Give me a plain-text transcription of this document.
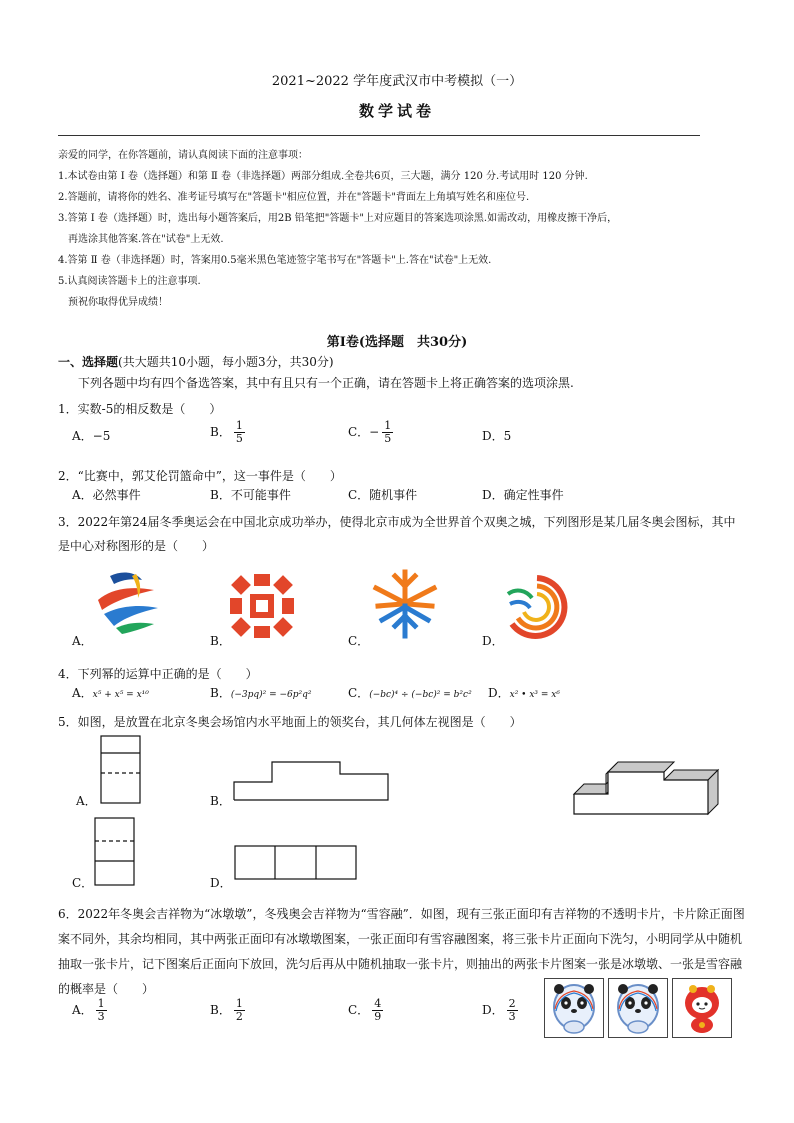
2021~2022 学年度武汉市中考模拟（一）
数学试卷
亲爱的同学，在你答题前，请认真阅读下面的注意事项：
1.本试卷由第 Ⅰ 卷（选择题）和第 Ⅱ 卷（非选择题）两部分组成.全卷共6页，三大题，满分 120 分.考试用时 120 分钟.
2.答题前，请将你的姓名、准考证号填写在"答题卡"相应位置，并在"答题卡"背面左上角填写姓名和座位号.
3.答第 Ⅰ 卷（选择题）时，选出每小题答案后，用2B 铅笔把"答题卡"上对应题目的答案选项涂黑.如需改动，用橡皮擦干净后，
再选涂其他答案.答在"试卷"上无效.
4.答第 Ⅱ 卷（非选择题）时，答案用0.5毫米黑色笔迹签字笔书写在"答题卡"上.答在"试卷"上无效.
5.认真阅读答题卡上的注意事项.
预祝你取得优异成绩！
第Ⅰ卷(选择题　共30分)
一、选择题(共大题共10小题，每小题3分，共30分)
下列各题中均有四个备选答案，其中有且只有一个正确，请在答题卡上将正确答案的选项涂黑.
1．实数-5的相反数是（　　）
A．−5	B． $\frac{1}{5}$	C．− $\frac{1}{5}$	D．5
2．“比赛中，郭艾伦罚篮命中”，这一事件是（　　）
A．必然事件	B．不可能事件	C．随机事件	D．确定性事件
3．2022年第24届冬季奥运会在中国北京成功举办，使得北京市成为全世界首个双奥之城，下列图形是某几届冬奥会图标，其中
是中心对称图形的是（　　）
A．	B．	C．	D．
4．下列幂的运算中正确的是（　　）
A．x⁵ + x⁵ = x¹⁰	B．(−3pq)² = −6p²q²	C．(−bc)⁴ ÷ (−bc)² = b²c² D．x² • x³ = x⁶
5．如图，是放置在北京冬奥会场馆内水平地面上的领奖台，其几何体左视图是（　　）
A．	B．
C．	D．
6．2022年冬奥会吉祥物为“冰墩墩”，冬残奥会吉祥物为“雪容融”．如图，现有三张正面印有吉祥物的不透明卡片，卡片除正面图
案不同外，其余均相同，其中两张正面印有冰墩墩图案，一张正面印有雪容融图案，将三张卡片正面向下洗匀，小明同学从中随机
抽取一张卡片，记下图案后正面向下放回，洗匀后再从中随机抽取一张卡片，则抽出的两张卡片图案一张是冰墩墩、一张是雪容融
的概率是（　　）
A． $\frac{1}{3}$	B． $\frac{1}{2}$	C． $\frac{4}{9}$	D． $\frac{2}{3}$
